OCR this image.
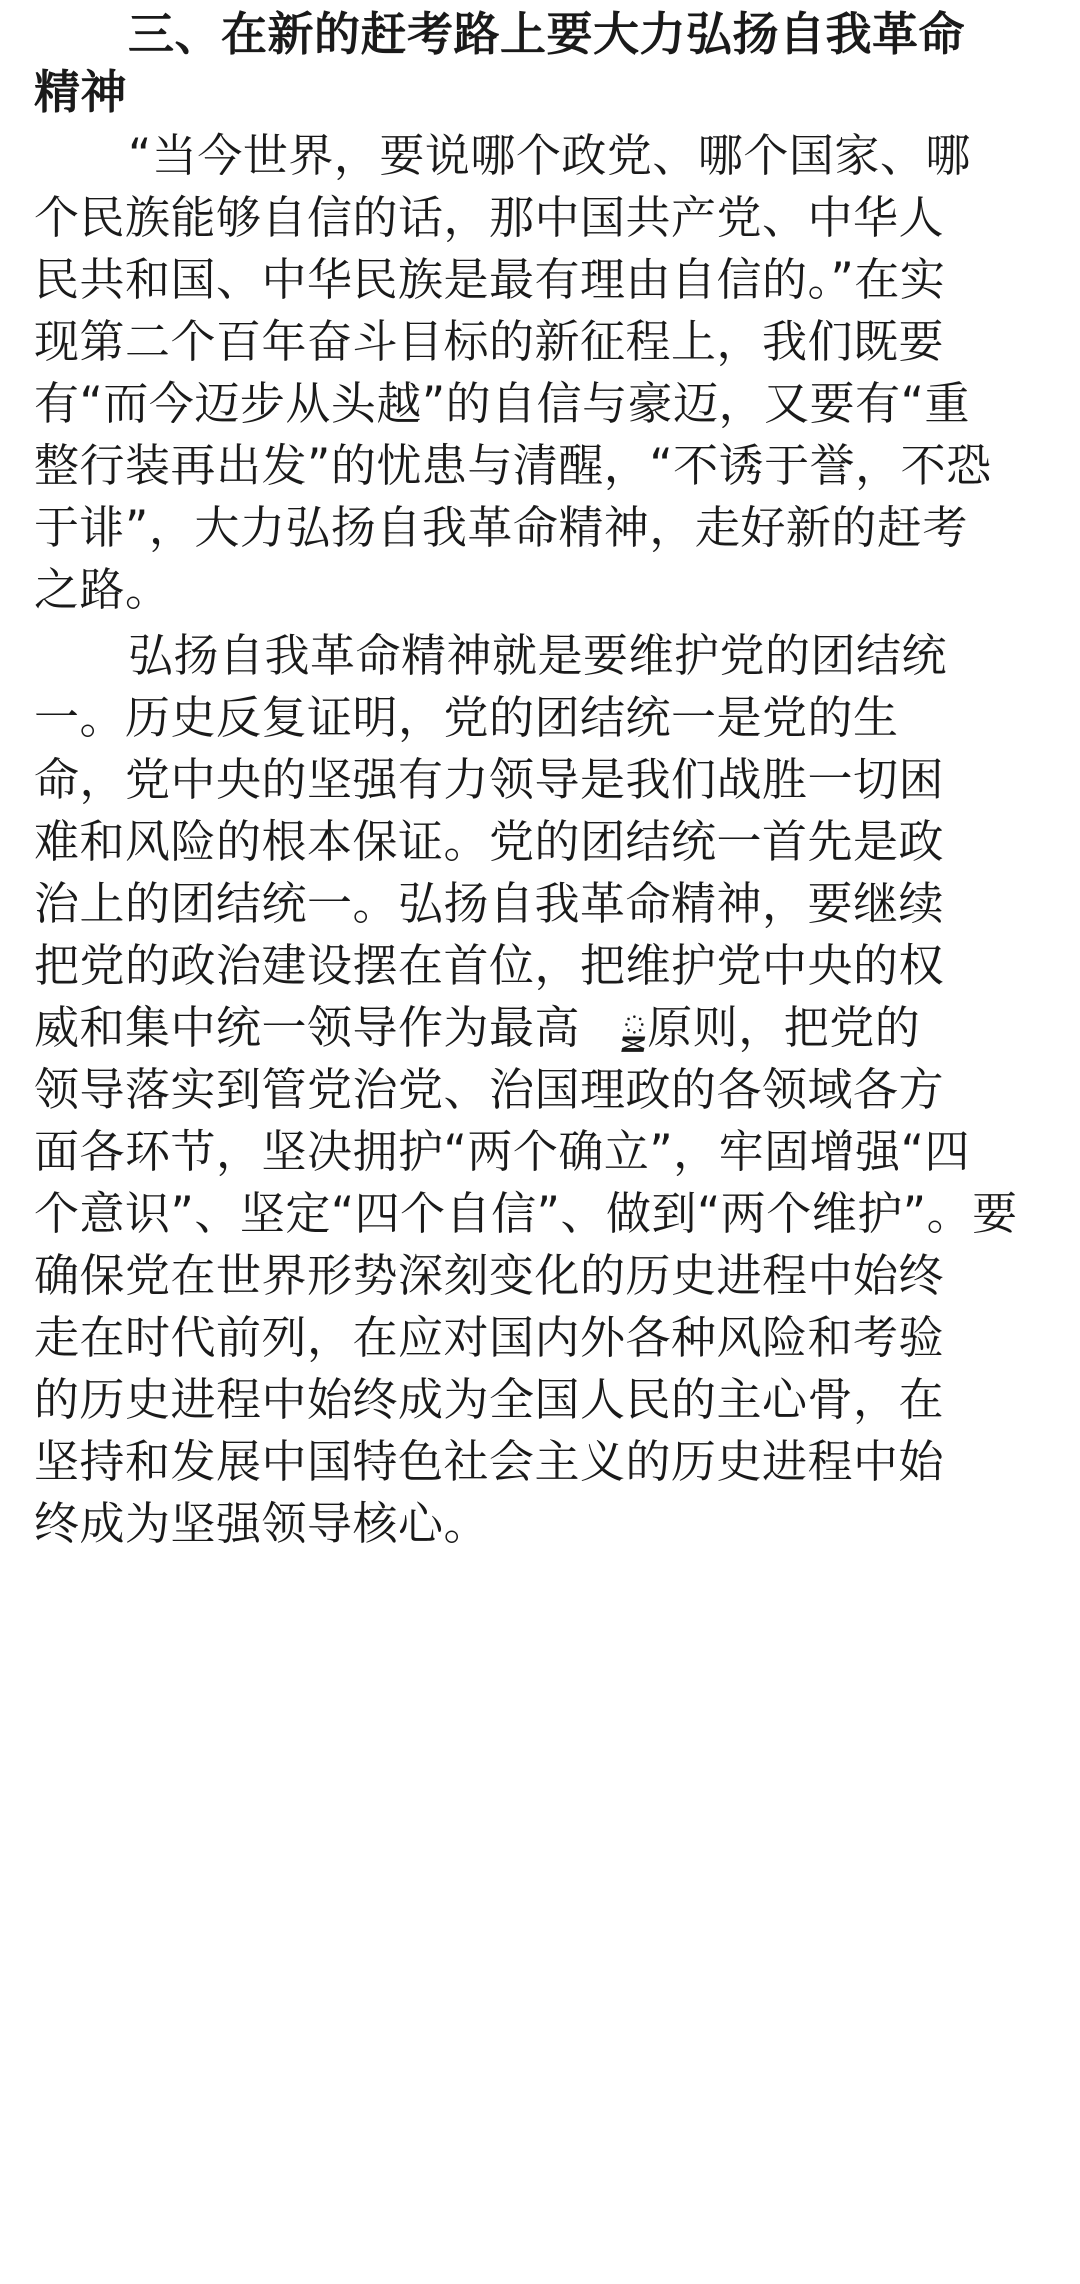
三、在新的赶考路上要大力弘扬自我革命
精神
“当今世界，要说哪个政党、哪个国家、哪
个民族能够自信的话，那中国共产党、中华人
民共和国、中华民族是最有理由自信的。”在实
现第二个百年奋斗目标的新征程上，我们既要
有“而今迈步从头越”的自信与豪迈，又要有“重
整行装再出发”的忧患与清醒，“不诱于誉，不恐
于诽”，大力弘扬自我革命精神，走好新的赶考
之路。
弘扬自我革命精神就是要维护党的团结统
一。历史反复证明，党的团结统一是党的生
命，党中央的坚强有力领导是我们战胜一切困
难和风险的根本保证。党的团结统一首先是政
治上的团结统一。弘扬自我革命精神，要继续
把党的政治建设摆在首位，把维护党中央的权
威和集中统一领导作为最高 ྍ原则，把党的
领导落实到管党治党、治国理政的各领域各方
面各环节，坚决拥护“两个确立”，牢固增强“四
个意识”、坚定“四个自信”、做到“两个维护”。要
确保党在世界形势深刻变化的历史进程中始终
走在时代前列，在应对国内外各种风险和考验
的历史进程中始终成为全国人民的主心骨，在
坚持和发展中国特色社会主义的历史进程中始
终成为坚强领导核心。
